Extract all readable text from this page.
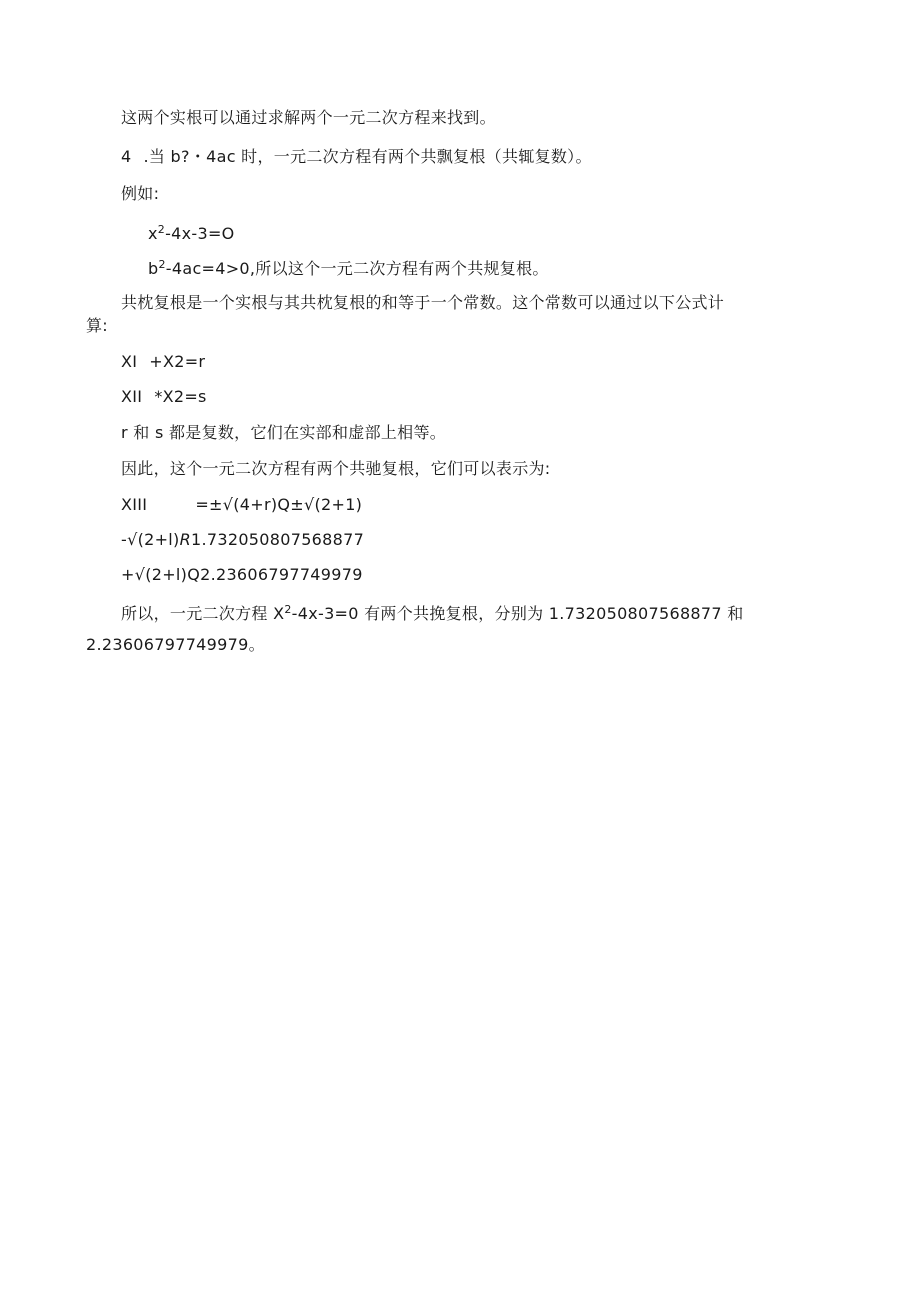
这两个实根可以通过求解两个一元二次方程来找到。
4 .当 b?・4ac 时，一元二次方程有两个共飘复根（共辄复数）。
例如:
$x^2-4x-3=O$
$b^2-4ac=4>0$,所以这个一元二次方程有两个共规复根。
共枕复根是一个实根与其共枕复根的和等于一个常数。这个常数可以通过以下公式计
算:
XI +X2=r
XII *X2=s
r 和 s 都是复数，它们在实部和虚部上相等。
因此，这个一元二次方程有两个共驰复根，它们可以表示为:
XIII	=±√(4+r)Q±√(2+1)
-√(2+l)R1.732050807568877
+√(2+l)Q2.23606797749979
所以，一元二次方程 $X^2-4x-3=0$ 有两个共挽复根，分别为 1.732050807568877 和
2.23606797749979。
